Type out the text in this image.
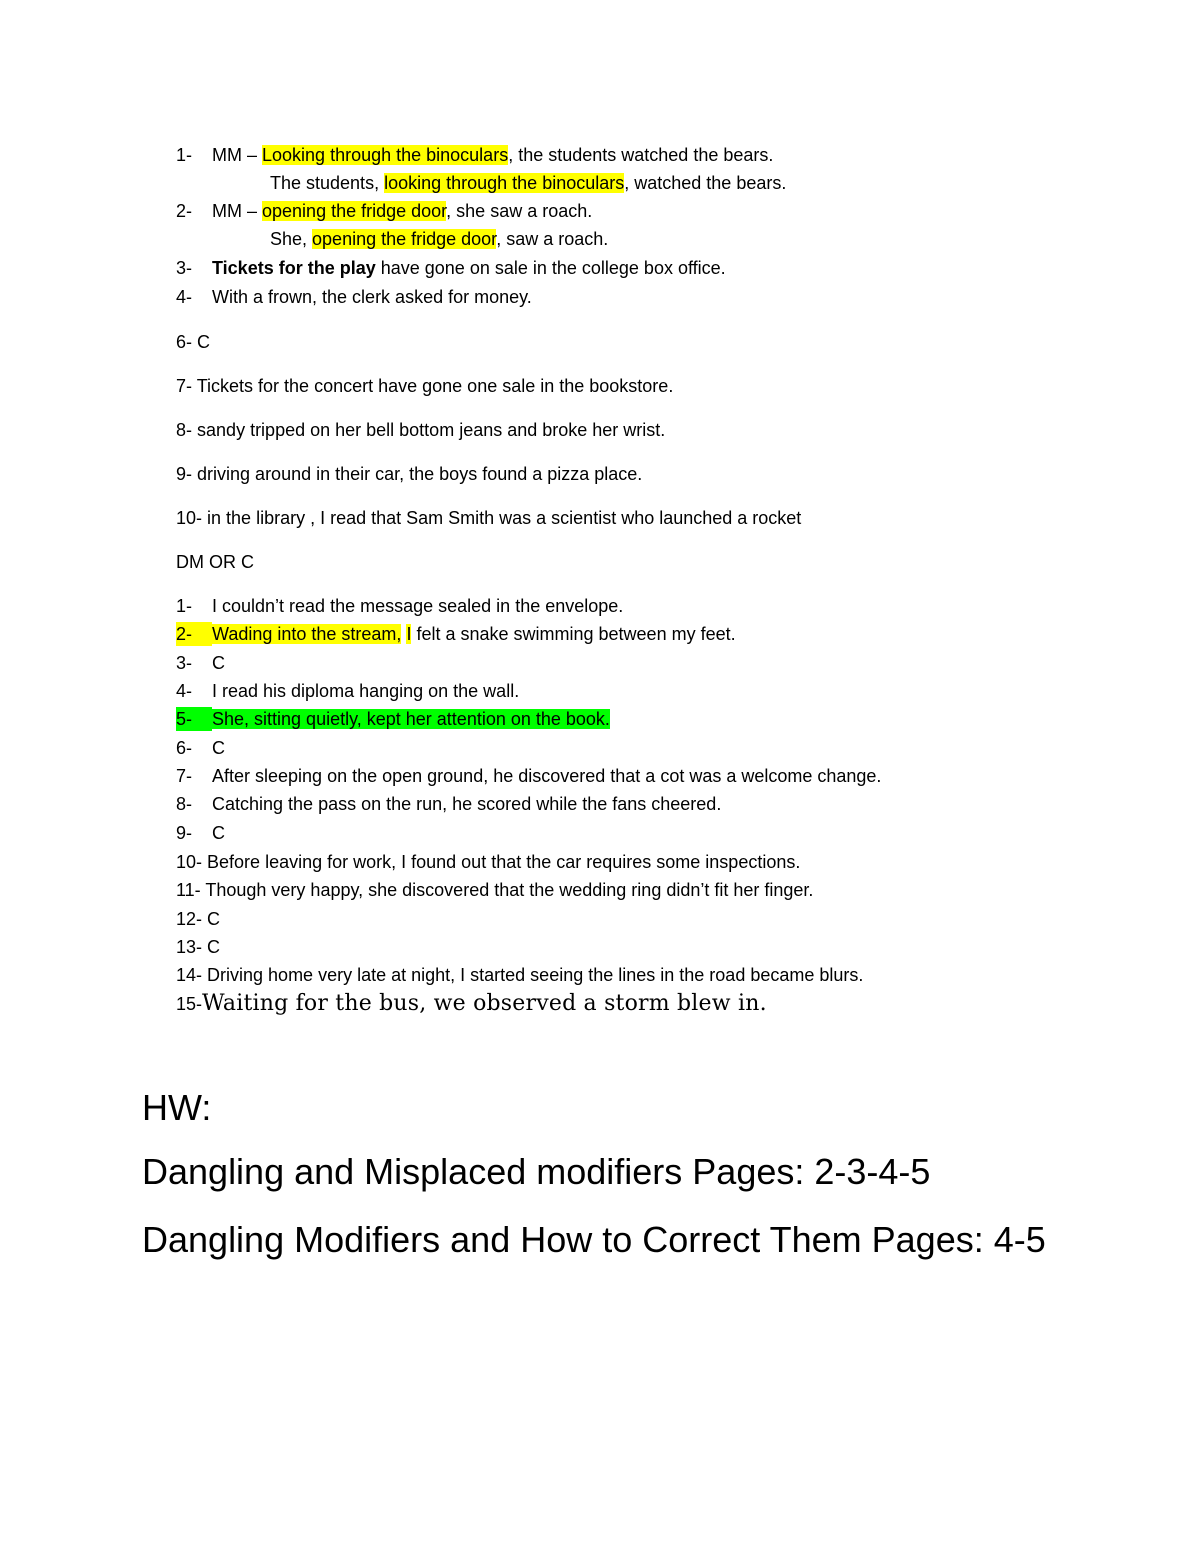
1- MM – Looking through the binoculars, the students watched the bears.
The students, looking through the binoculars, watched the bears.
2- MM – opening the fridge door, she saw a roach.
She, opening the fridge door, saw a roach.
3- Tickets for the play have gone on sale in the college box office.
4- With a frown, the clerk asked for money.
6- C
7- Tickets for the concert have gone one sale in the bookstore.
8- sandy tripped on her bell bottom jeans and broke her wrist.
9- driving around in their car, the boys found a pizza place.
10- in the library , I read that Sam Smith was a scientist who launched a rocket
DM OR C
1- I couldn’t read the message sealed in the envelope.
2- Wading into the stream, I felt a snake swimming between my feet.
3- C
4- I read his diploma hanging on the wall.
5- She, sitting quietly, kept her attention on the book.
6- C
7- After sleeping on the open ground, he discovered that a cot was a welcome change.
8- Catching the pass on the run, he scored while the fans cheered.
9- C
10- Before leaving for work, I found out that the car requires some inspections.
11- Though very happy, she discovered that the wedding ring didn’t fit her finger.
12- C
13- C
14- Driving home very late at night, I started seeing the lines in the road became blurs.
15-Waiting for the bus, we observed a storm blew in.
HW:
Dangling and Misplaced modifiers Pages: 2-3-4-5
Dangling Modifiers and How to Correct Them Pages: 4-5
